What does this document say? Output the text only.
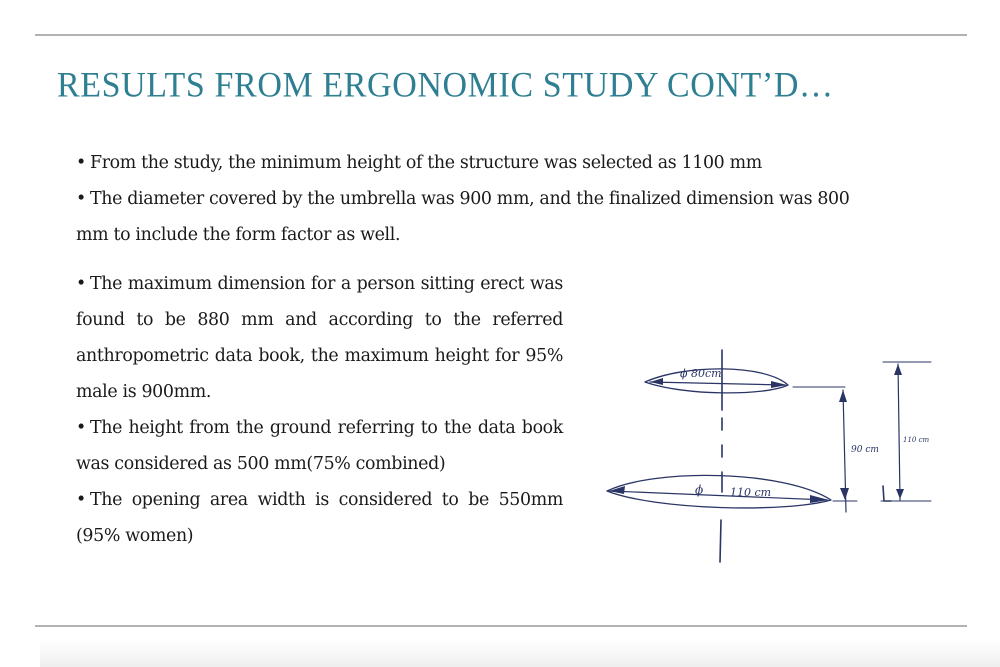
RESULTS FROM ERGONOMIC STUDY CONT’D…
• From the study, the minimum height of the structure was selected as 1100 mm
• The diameter covered by the umbrella was 900 mm, and the finalized dimension was 800
mm to include the form factor as well.
• The maximum dimension for a person sitting erect was found to be 880 mm and according to the referred anthropometric data book, the maximum height for 95% male is 900mm.
• The height from the ground referring to the data book was considered as 500 mm(75% combined)
• The opening area width is considered to be 550mm (95% women)
ϕ 80cm
ϕ 110 cm
90 cm
110 cm
